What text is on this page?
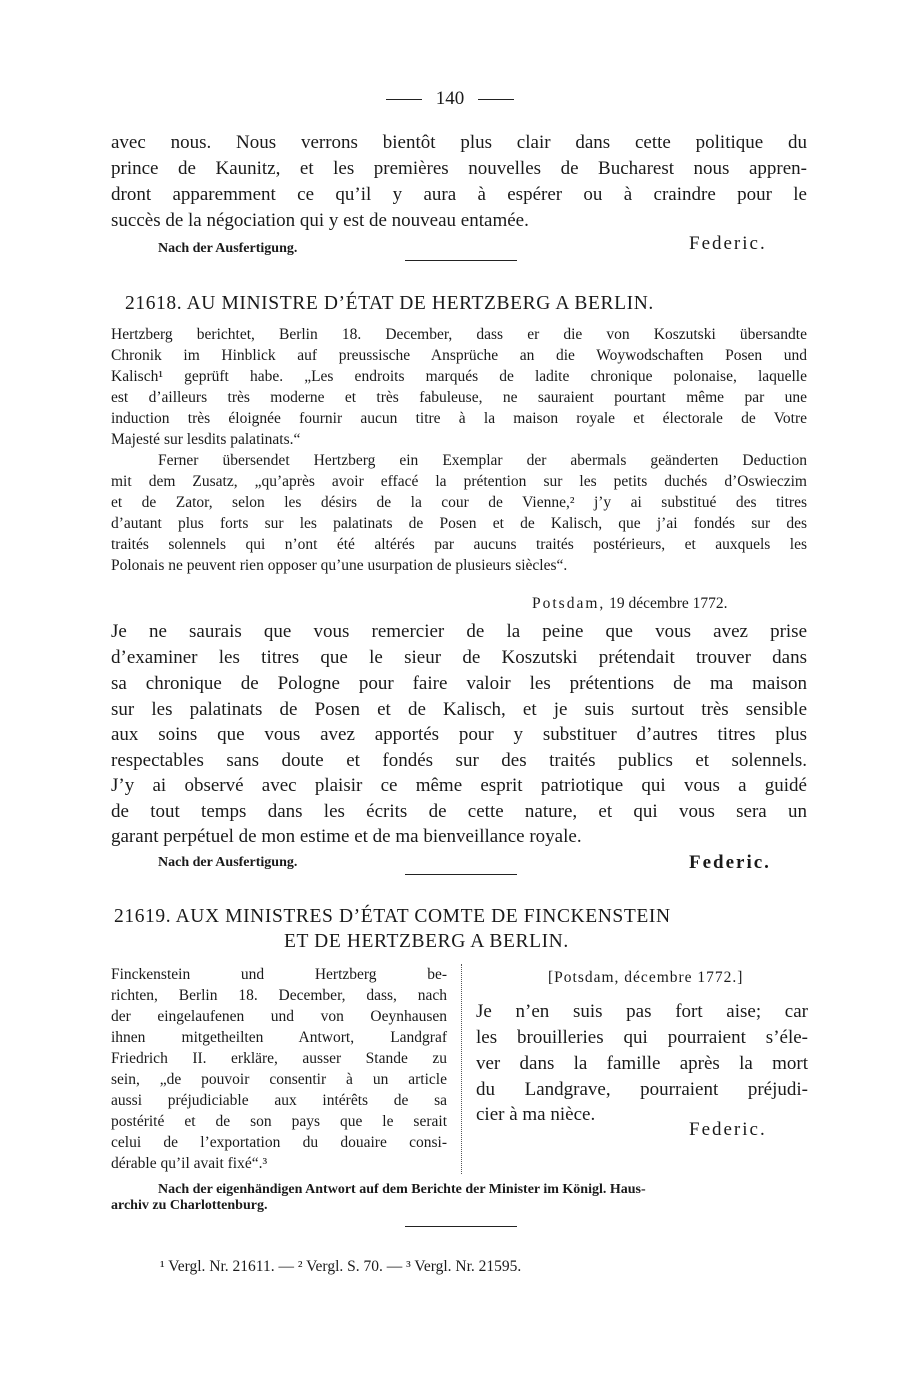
140
avec nous. Nous verrons bientôt plus clair dans cette politique du
prince de Kaunitz, et les premières nouvelles de Bucharest nous appren-
dront apparemment ce qu’il y aura à espérer ou à craindre pour le
succès de la négociation qui y est de nouveau entamée.
Nach der Ausfertigung.	Federic.
21618. AU MINISTRE D’ÉTAT DE HERTZBERG A BERLIN.
Hertzberg berichtet, Berlin 18. December, dass er die von Koszutski übersandte
Chronik im Hinblick auf preussische Ansprüche an die Woywodschaften Posen und
Kalisch¹ geprüft habe. „Les endroits marqués de ladite chronique polonaise, laquelle
est d’ailleurs très moderne et très fabuleuse, ne sauraient pourtant même par une
induction très éloignée fournir aucun titre à la maison royale et électorale de Votre
Majesté sur lesdits palatinats.“
Ferner übersendet Hertzberg ein Exemplar der abermals geänderten Deduction
mit dem Zusatz, „qu’après avoir effacé la prétention sur les petits duchés d’Oswieczim
et de Zator, selon les désirs de la cour de Vienne,² j’y ai substitué des titres
d’autant plus forts sur les palatinats de Posen et de Kalisch, que j’ai fondés sur des
traités solennels qui n’ont été altérés par aucuns traités postérieurs, et auxquels les
Polonais ne peuvent rien opposer qu’une usurpation de plusieurs siècles“.
Potsdam, 19 décembre 1772.
Je ne saurais que vous remercier de la peine que vous avez prise
d’examiner les titres que le sieur de Koszutski prétendait trouver dans
sa chronique de Pologne pour faire valoir les prétentions de ma maison
sur les palatinats de Posen et de Kalisch, et je suis surtout très sensible
aux soins que vous avez apportés pour y substituer d’autres titres plus
respectables sans doute et fondés sur des traités publics et solennels.
J’y ai observé avec plaisir ce même esprit patriotique qui vous a guidé
de tout temps dans les écrits de cette nature, et qui vous sera un
garant perpétuel de mon estime et de ma bienveillance royale.
Nach der Ausfertigung.	Federic.
21619. AUX MINISTRES D’ÉTAT COMTE DE FINCKENSTEIN
ET DE HERTZBERG A BERLIN.
Finckenstein und Hertzberg be-
richten, Berlin 18. December, dass, nach
der eingelaufenen und von Oeynhausen
ihnen mitgetheilten Antwort, Landgraf
Friedrich II. erkläre, ausser Stande zu
sein, „de pouvoir consentir à un article
aussi préjudiciable aux intérêts de sa
postérité et de son pays que le serait
celui de l’exportation du douaire consi-
dérable qu’il avait fixé“.³
[Potsdam, décembre 1772.]
Je n’en suis pas fort aise; car
les brouilleries qui pourraient s’éle-
ver dans la famille après la mort
du Landgrave, pourraient préjudi-
cier à ma nièce.
Federic.
Nach der eigenhändigen Antwort auf dem Berichte der Minister im Königl. Haus-
archiv zu Charlottenburg.
¹ Vergl. Nr. 21611. — ² Vergl. S. 70. — ³ Vergl. Nr. 21595.
